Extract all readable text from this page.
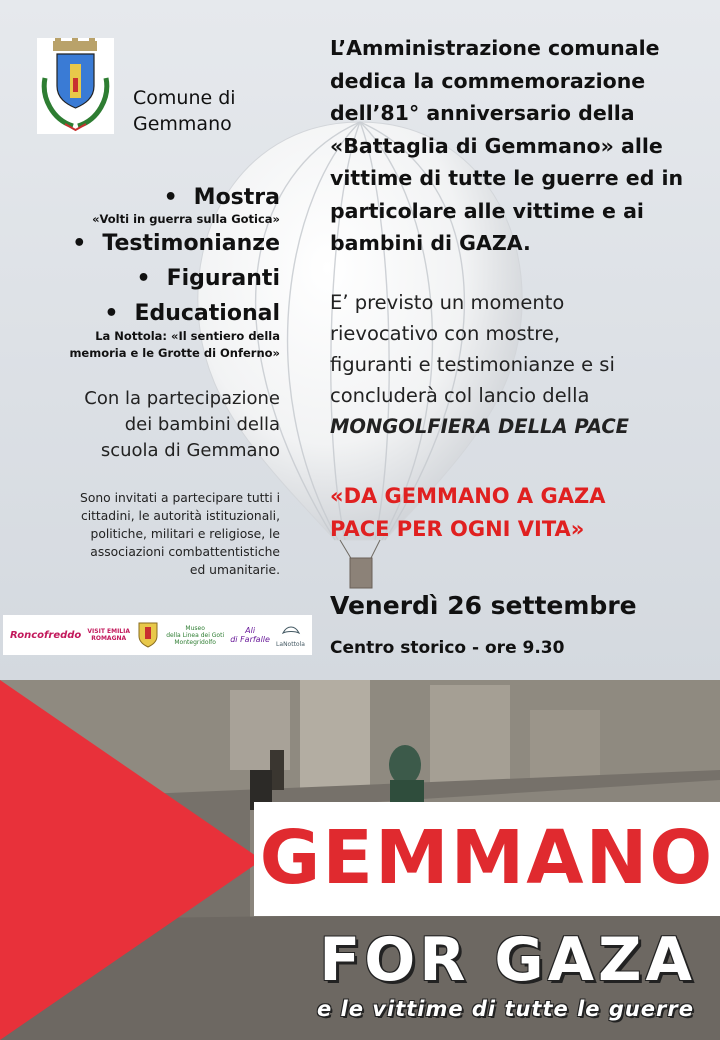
Comune di
Gemmano
L’Amministrazione comunale
dedica la commemorazione
dell’81° anniversario della
«Battaglia di Gemmano» alle
vittime di tutte le guerre ed in
particolare alle vittime e ai
bambini di GAZA.
• Mostra
«Volti in guerra sulla Gotica»
• Testimonianze
• Figuranti
• Educational
La Nottola: «Il sentiero della
memoria e le Grotte di Onferno»
Con la partecipazione
dei bambini della
scuola di Gemmano
Sono invitati a partecipare tutti i
cittadini, le autorità istituzionali,
politiche, militari e religiose, le
associazioni combattentistiche
ed umanitarie.
E’ previsto un momento
rievocativo con mostre,
figuranti e testimonianze e si
concluderà col lancio della
MONGOLFIERA DELLA PACE
«DA GEMMANO A GAZA
PACE PER OGNI VITA»
Venerdì 26 settembre
Centro storico - ore 9.30
Roncofreddo VISIT EMILIA
ROMAGNA
Museo
della Linea dei Goti
Montegridolfo
Ali
di Farfalle LaNottola
GEMMANO
FOR GAZA
e le vittime di tutte le guerre
